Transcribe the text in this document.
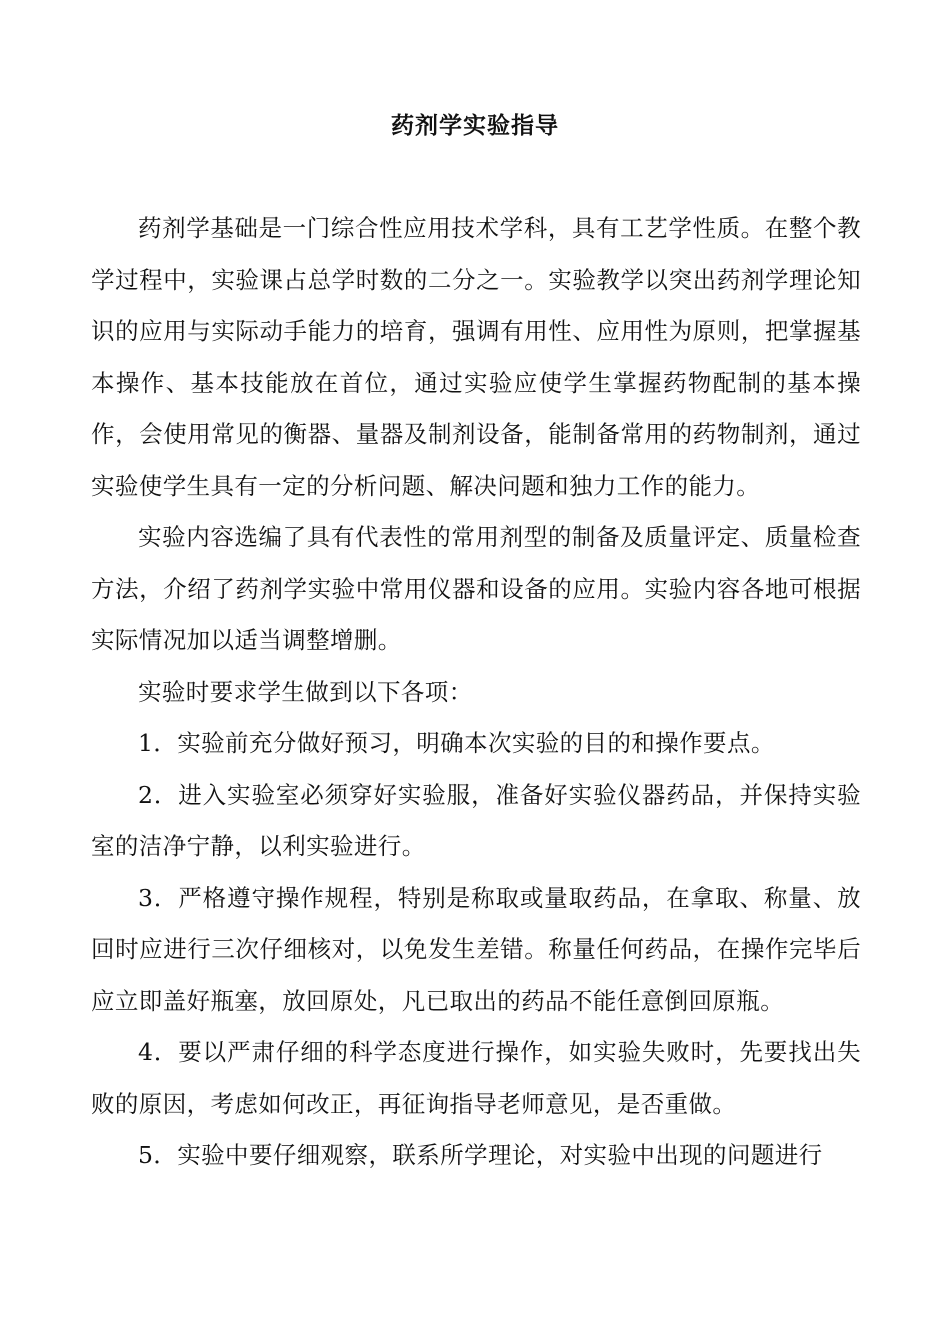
药剂学实验指导

药剂学基础是一门综合性应用技术学科，具有工艺学性质。在整个教学过程中，实验课占总学时数的二分之一。实验教学以突出药剂学理论知识的应用与实际动手能力的培育，强调有用性、应用性为原则，把掌握基本操作、基本技能放在首位，通过实验应使学生掌握药物配制的基本操作，会使用常见的衡器、量器及制剂设备，能制备常用的药物制剂，通过实验使学生具有一定的分析问题、解决问题和独力工作的能力。

实验内容选编了具有代表性的常用剂型的制备及质量评定、质量检查方法，介绍了药剂学实验中常用仪器和设备的应用。实验内容各地可根据实际情况加以适当调整增删。

实验时要求学生做到以下各项：

1．实验前充分做好预习，明确本次实验的目的和操作要点。

2．进入实验室必须穿好实验服，准备好实验仪器药品，并保持实验室的洁净宁静，以利实验进行。

3．严格遵守操作规程，特别是称取或量取药品，在拿取、称量、放回时应进行三次仔细核对，以免发生差错。称量任何药品，在操作完毕后应立即盖好瓶塞，放回原处，凡已取出的药品不能任意倒回原瓶。

4．要以严肃仔细的科学态度进行操作，如实验失败时，先要找出失败的原因，考虑如何改正，再征询指导老师意见，是否重做。

5．实验中要仔细观察，联系所学理论，对实验中出现的问题进行
